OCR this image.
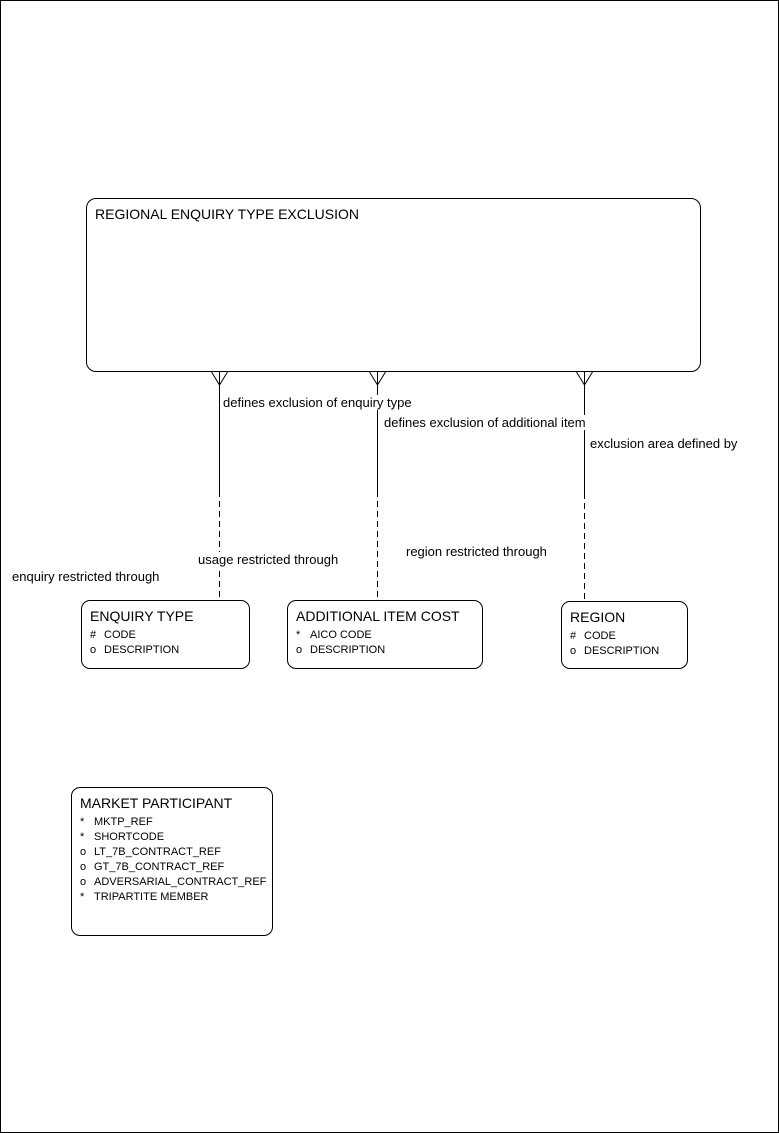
defines exclusion of enquiry type
defines exclusion of additional item
exclusion area defined by
enquiry restricted through
usage restricted through
region restricted through
REGIONAL ENQUIRY TYPE EXCLUSION
ENQUIRY TYPE
# CODE
o DESCRIPTION
ADDITIONAL ITEM COST
* AICO CODE
o DESCRIPTION
REGION
# CODE
o DESCRIPTION
MARKET PARTICIPANT
* MKTP_REF
* SHORTCODE
o LT_7B_CONTRACT_REF
o GT_7B_CONTRACT_REF
o ADVERSARIAL_CONTRACT_REF
* TRIPARTITE MEMBER
